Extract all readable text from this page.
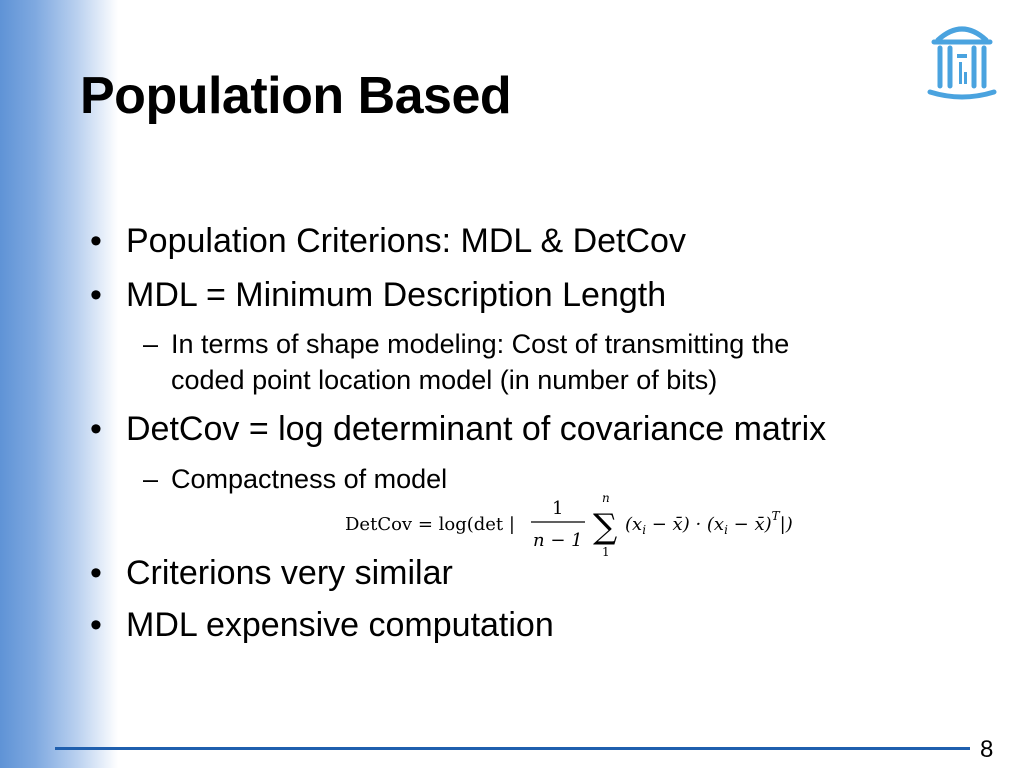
Population Based

• Population Criterions: MDL & DetCov

• MDL = Minimum Description Length

– In terms of shape modeling: Cost of transmitting the
coded point location model (in number of bits)

• DetCov = log determinant of covariance matrix

– Compactness of model
DetCov = log(det |
1
n − 1
n
∑
1
($x_i$ − x̄) · ($x_i$ − x̄)$^T$|)

• Criterions very similar

• MDL expensive computation

8
